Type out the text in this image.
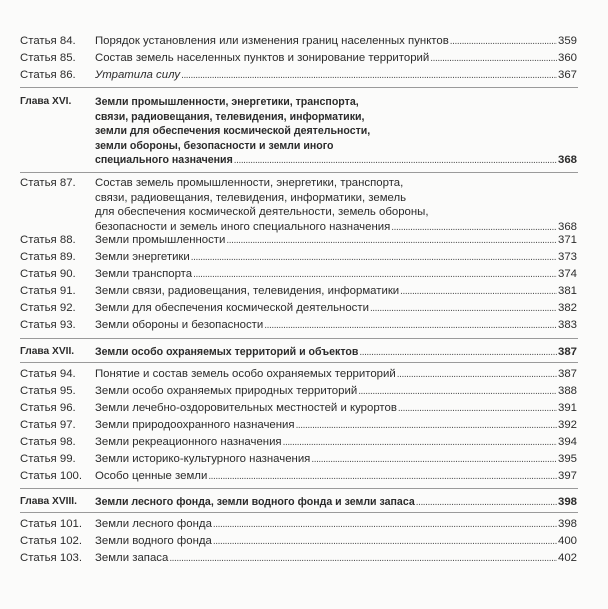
Статья 84. Порядок установления или изменения границ населенных пунктов . . .	359
Статья 85. Состав земель населенных пунктов и зонирование территорий . . .	360
Статья 86. Утратила силу . . .	367
Глава XVI. Земли промышленности, энергетики, транспорта,
связи, радиовещания, телевидения, информатики,
земли для обеспечения космической деятельности,
земли обороны, безопасности и земли иного
специального назначения . . .	368
Статья 87. Состав земель промышленности, энергетики, транспорта,
связи, радиовещания, телевидения, информатики, земель
для обеспечения космической деятельности, земель обороны,
безопасности и земель иного специального назначения . . .	368
Статья 88. Земли промышленности . . .	371
Статья 89. Земли энергетики . . .	373
Статья 90. Земли транспорта . . .	374
Статья 91. Земли связи, радиовещания, телевидения, информатики . . .	381
Статья 92. Земли для обеспечения космической деятельности . . .	382
Статья 93. Земли обороны и безопасности . . .	383
Глава XVII. Земли особо охраняемых территорий и объектов . . .	387
Статья 94. Понятие и состав земель особо охраняемых территорий . . .	387
Статья 95. Земли особо охраняемых природных территорий . . .	388
Статья 96. Земли лечебно-оздоровительных местностей и курортов . . .	391
Статья 97. Земли природоохранного назначения . . .	392
Статья 98. Земли рекреационного назначения . . .	394
Статья 99. Земли историко-культурного назначения . . .	395
Статья 100. Особо ценные земли . . .	397
Глава XVIII. Земли лесного фонда, земли водного фонда и земли запаса . . .	398
Статья 101. Земли лесного фонда . . .	398
Статья 102. Земли водного фонда . . .	400
Статья 103. Земли запаса . . .	402
